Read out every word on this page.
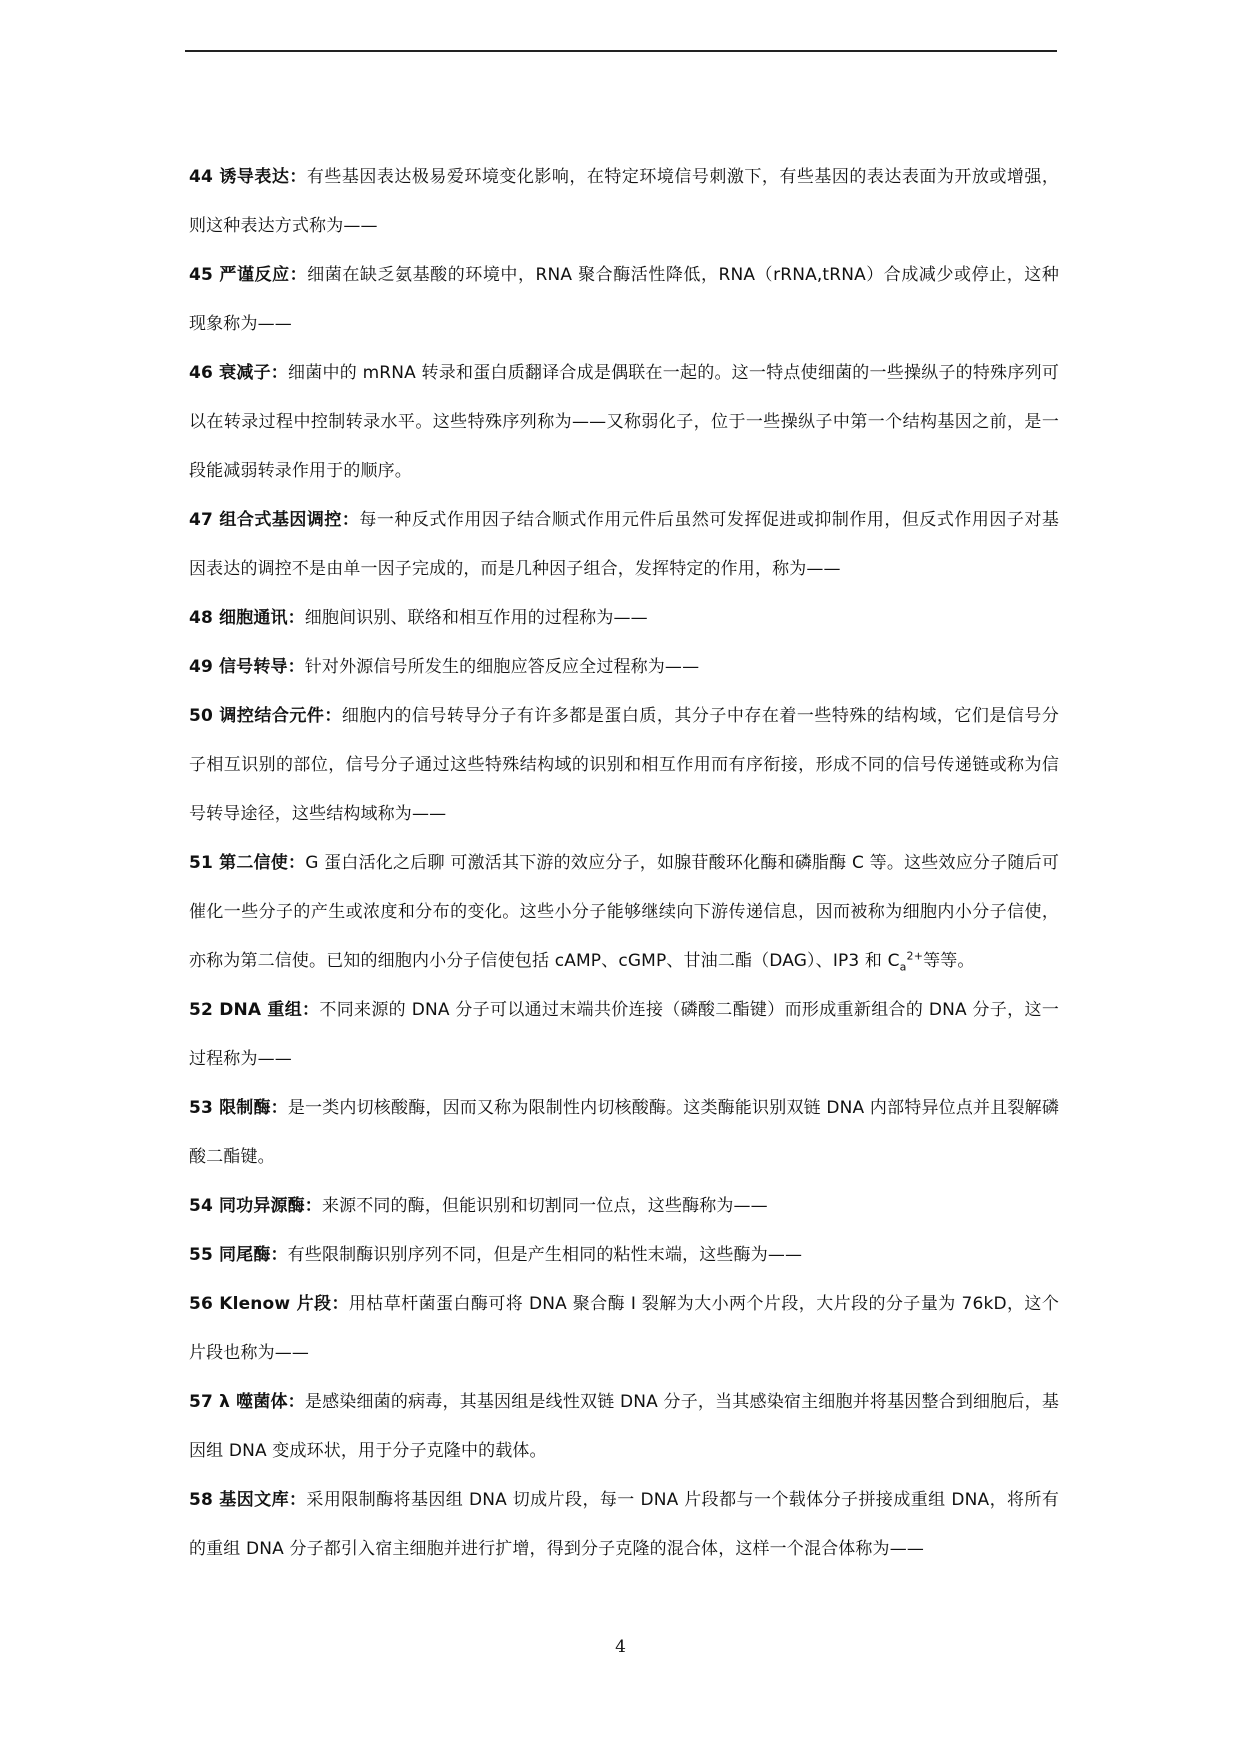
44 诱导表达：有些基因表达极易爱环境变化影响，在特定环境信号刺激下，有些基因的表达表面为开放或增强，则这种表达方式称为——

45 严谨反应：细菌在缺乏氨基酸的环境中，RNA 聚合酶活性降低，RNA（rRNA,tRNA）合成减少或停止，这种现象称为——

46 衰减子：细菌中的 mRNA 转录和蛋白质翻译合成是偶联在一起的。这一特点使细菌的一些操纵子的特殊序列可以在转录过程中控制转录水平。这些特殊序列称为——又称弱化子，位于一些操纵子中第一个结构基因之前，是一段能减弱转录作用于的顺序。

47 组合式基因调控：每一种反式作用因子结合顺式作用元件后虽然可发挥促进或抑制作用，但反式作用因子对基因表达的调控不是由单一因子完成的，而是几种因子组合，发挥特定的作用，称为——

48 细胞通讯：细胞间识别、联络和相互作用的过程称为——

49 信号转导：针对外源信号所发生的细胞应答反应全过程称为——

50 调控结合元件：细胞内的信号转导分子有许多都是蛋白质，其分子中存在着一些特殊的结构域，它们是信号分子相互识别的部位，信号分子通过这些特殊结构域的识别和相互作用而有序衔接，形成不同的信号传递链或称为信号转导途径，这些结构域称为——

51 第二信使：G 蛋白活化之后聊 可激活其下游的效应分子，如腺苷酸环化酶和磷脂酶 C 等。这些效应分子随后可催化一些分子的产生或浓度和分布的变化。这些小分子能够继续向下游传递信息，因而被称为细胞内小分子信使，亦称为第二信使。已知的细胞内小分子信使包括 cAMP、cGMP、甘油二酯（DAG）、IP3 和 $C_a^{2+}$等等。

52 DNA 重组：不同来源的 DNA 分子可以通过末端共价连接（磷酸二酯键）而形成重新组合的 DNA 分子，这一过程称为——

53 限制酶：是一类内切核酸酶，因而又称为限制性内切核酸酶。这类酶能识别双链 DNA 内部特异位点并且裂解磷酸二酯键。

54 同功异源酶：来源不同的酶，但能识别和切割同一位点，这些酶称为——

55 同尾酶：有些限制酶识别序列不同，但是产生相同的粘性末端，这些酶为——

56 Klenow 片段：用枯草杆菌蛋白酶可将 DNA 聚合酶 I 裂解为大小两个片段，大片段的分子量为 76kD，这个片段也称为——

57 λ 噬菌体：是感染细菌的病毒，其基因组是线性双链 DNA 分子，当其感染宿主细胞并将基因整合到细胞后，基因组 DNA 变成环状，用于分子克隆中的载体。

58 基因文库：采用限制酶将基因组 DNA 切成片段，每一 DNA 片段都与一个载体分子拼接成重组 DNA，将所有的重组 DNA 分子都引入宿主细胞并进行扩增，得到分子克隆的混合体，这样一个混合体称为——

4
